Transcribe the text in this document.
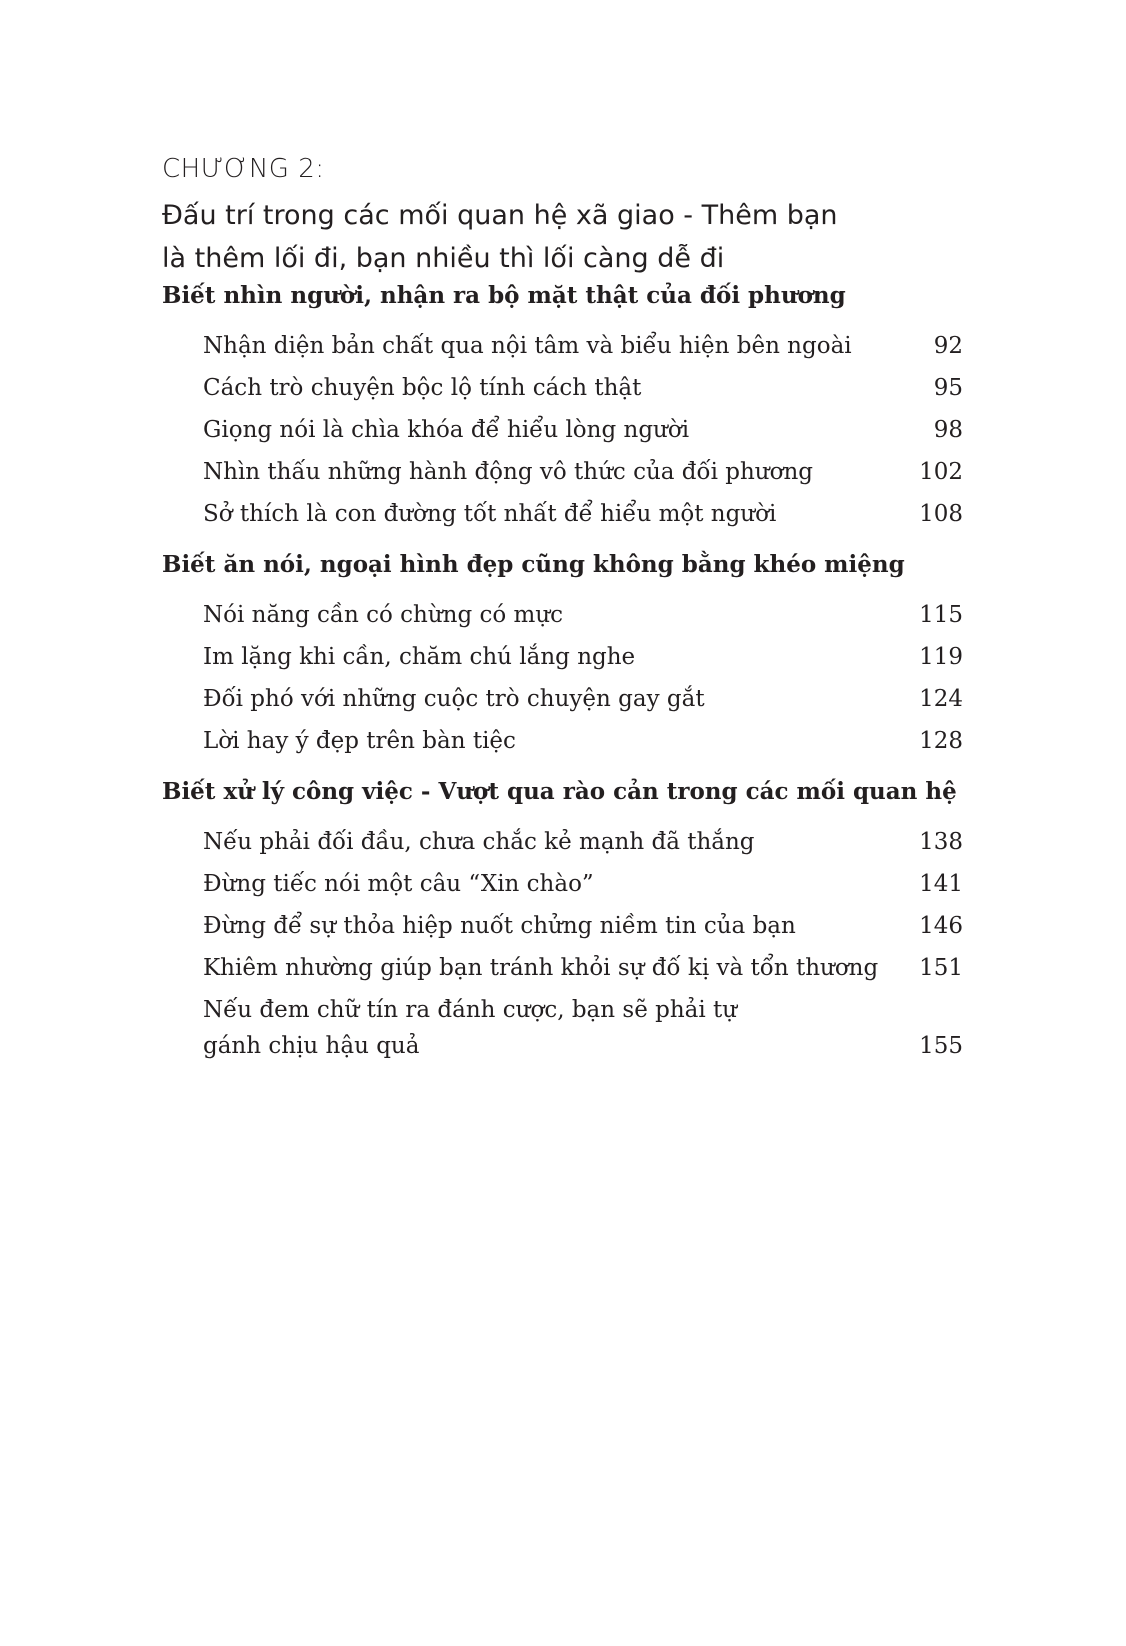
CHƯƠNG 2:
Đấu trí trong các mối quan hệ xã giao - Thêm bạn
là thêm lối đi, bạn nhiều thì lối càng dễ đi
Biết nhìn người, nhận ra bộ mặt thật của đối phương
Nhận diện bản chất qua nội tâm và biểu hiện bên ngoài	92
Cách trò chuyện bộc lộ tính cách thật	95
Giọng nói là chìa khóa để hiểu lòng người	98
Nhìn thấu những hành động vô thức của đối phương	102
Sở thích là con đường tốt nhất để hiểu một người	108
Biết ăn nói, ngoại hình đẹp cũng không bằng khéo miệng
Nói năng cần có chừng có mực	115
Im lặng khi cần, chăm chú lắng nghe	119
Đối phó với những cuộc trò chuyện gay gắt	124
Lời hay ý đẹp trên bàn tiệc	128
Biết xử lý công việc - Vượt qua rào cản trong các mối quan hệ
Nếu phải đối đầu, chưa chắc kẻ mạnh đã thắng	138
Đừng tiếc nói một câu “Xin chào”	141
Đừng để sự thỏa hiệp nuốt chửng niềm tin của bạn	146
Khiêm nhường giúp bạn tránh khỏi sự đố kị và tổn thương 151
Nếu đem chữ tín ra đánh cược, bạn sẽ phải tự
gánh chịu hậu quả	155
